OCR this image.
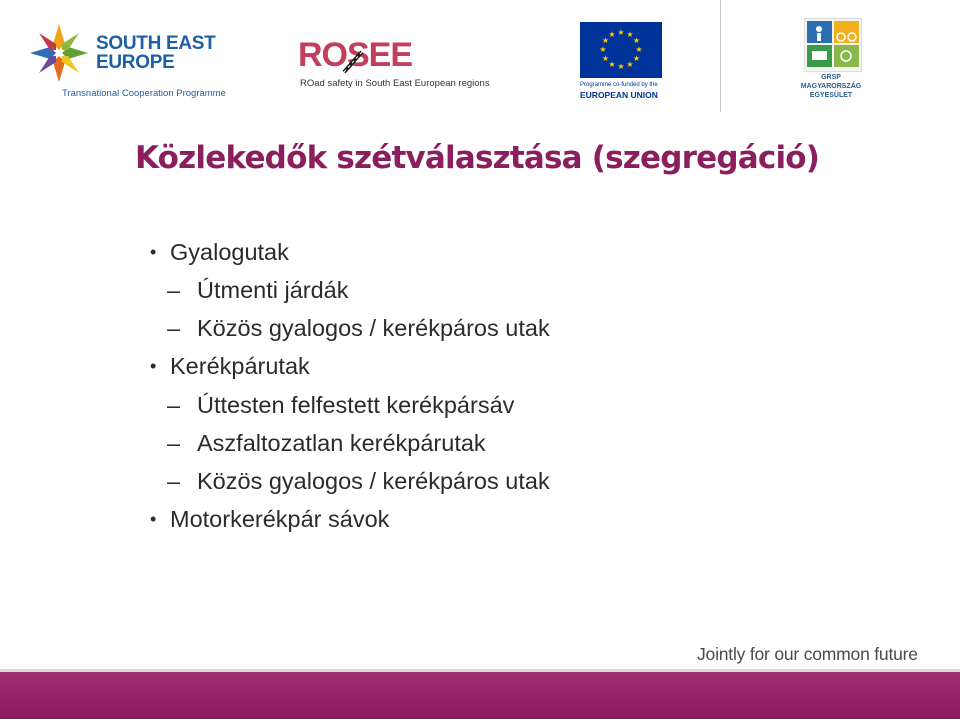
SOUTH EAST
EUROPE
Transnational Cooperation Programme
ROSEE
ROad safety in South East European regions
★ ★
★
★
★
★
★
★
★
★
★
★
Programme co-funded by the
EUROPEAN UNION
GRSP
MAGYARORSZÁG
EGYESÜLET
Közlekedők szétválasztása (szegregáció)
• Gyalogutak
– Útmenti járdák
– Közös gyalogos / kerékpáros utak
• Kerékpárutak
– Úttesten felfestett kerékpársáv
– Aszfaltozatlan kerékpárutak
– Közös gyalogos / kerékpáros utak
• Motorkerékpár sávok
Jointly for our common future
